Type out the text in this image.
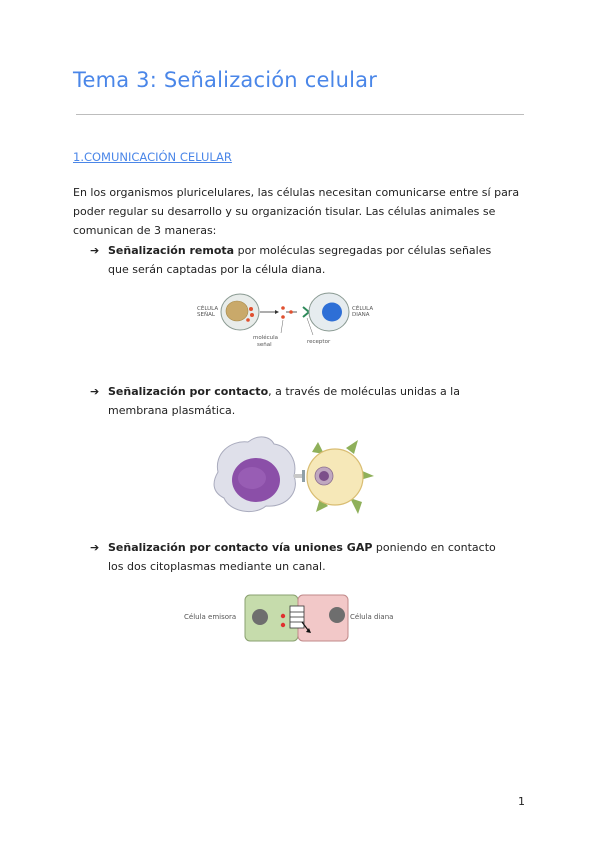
Tema 3: Señalización celular
1.COMUNICACIÓN CELULAR
En los organismos pluricelulares, las células necesitan comunicarse entre sí para poder regular su desarrollo y su organización tisular. Las células animales se comunican de 3 maneras:
➔ Señalización remota por moléculas segregadas por células señales que serán captadas por la célula diana.
CÉLULA
SEÑAL
molécula
señal	receptor
CÉLULA
DIANA
➔ Señalización por contacto, a través de moléculas unidas a la membrana plasmática.
➔ Señalización por contacto vía uniones GAP poniendo en contacto los dos citoplasmas mediante un canal.
Célula emisora	Célula diana
1
